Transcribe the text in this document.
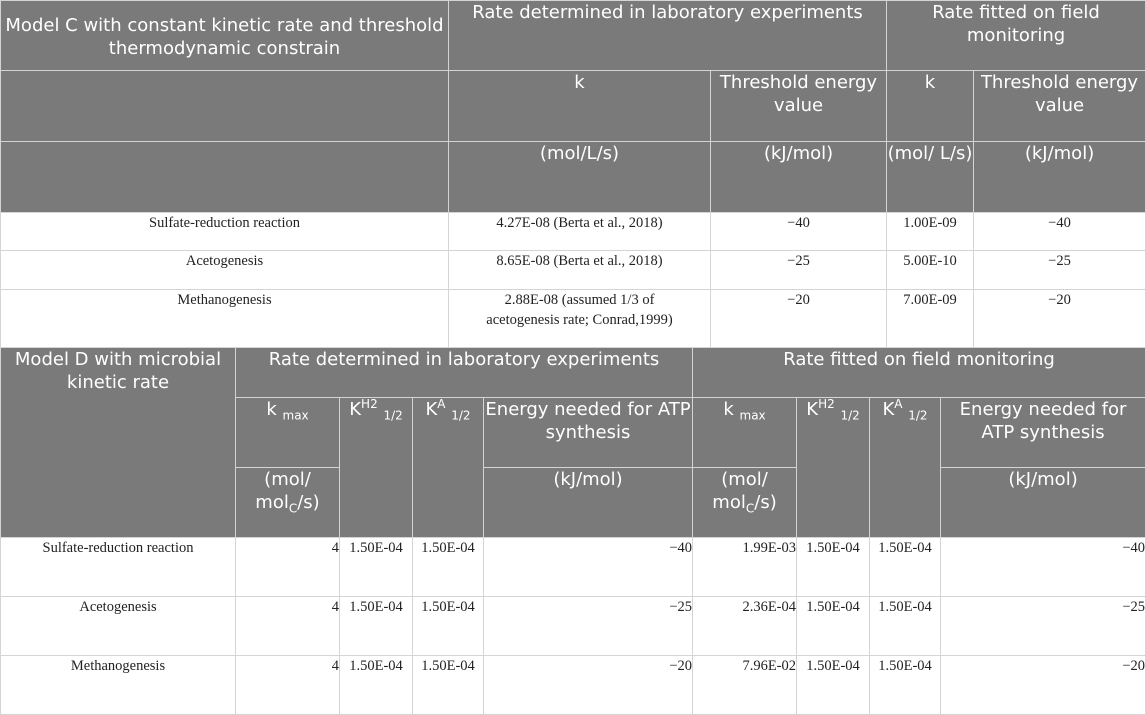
Model C with constant kinetic rate and threshold thermodynamic constrain	Rate determined in laboratory experiments		Rate fitted on field monitoring	
	k	Threshold energy value	k	Threshold energy value
	(mol/L/s)	(kJ/mol)	(mol/ L/s)	(kJ/mol)
Sulfate-reduction reaction	4.27E-08 (Berta et al., 2018)	−40	1.00E-09	−40
Acetogenesis	8.65E-08 (Berta et al., 2018)	−25	5.00E-10	−25
Methanogenesis	2.88E-08 (assumed 1/3 of acetogenesis rate; Conrad,1999)	−20	7.00E-09	−20
Model D with microbial kinetic rate	Rate determined in laboratory experiments				Rate fitted on field monitoring			
	k $_{max}$	$K^{H2}$ $_{1/2}$	$K^A$ $_{1/2}$	Energy needed for ATP synthesis	k $_{max}$	$K^{H2}$ $_{1/2}$	$K^A$ $_{1/2}$	Energy needed for ATP synthesis
	(mol/ mol$_C$/s)			(kJ/mol)	(mol/ mol$_C$/s)			(kJ/mol)
Sulfate-reduction reaction	4	1.50E-04	1.50E-04	−40	1.99E-03	1.50E-04	1.50E-04	−40
Acetogenesis	4	1.50E-04	1.50E-04	−25	2.36E-04	1.50E-04	1.50E-04	−25
Methanogenesis	4	1.50E-04	1.50E-04	−20	7.96E-02	1.50E-04	1.50E-04	−20
